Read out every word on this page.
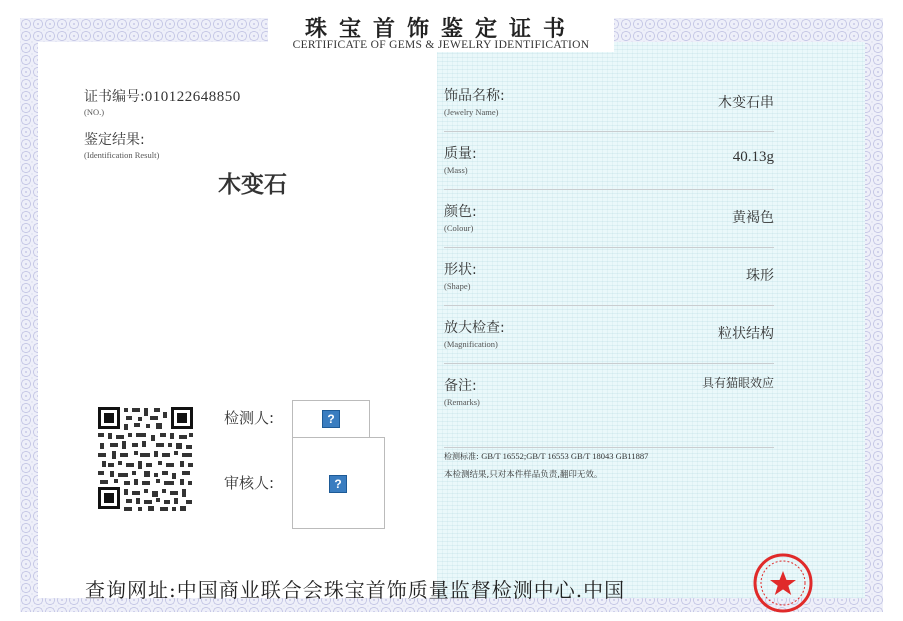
珠宝首饰鉴定证书
CERTIFICATE OF GEMS & JEWELRY IDENTIFICATION
证书编号:010122648850
(NO.)
鉴定结果:
(Identification Result)
木变石
检测人:	?
审核人:	?
饰品名称:
(Jewelry Name)
木变石串
质量:
(Mass)
40.13g
颜色:
(Colour)
黄褐色
形状:
(Shape)
珠形
放大检查:
(Magnification)
粒状结构
备注:
(Remarks)
具有猫眼效应
检测标准: GB/T 16552;GB/T 16553 GB/T 18043 GB11887
本检测结果,只对本件样品负责,翻印无效。
查询网址:中国商业联合会珠宝首饰质量监督检测中心.中国
